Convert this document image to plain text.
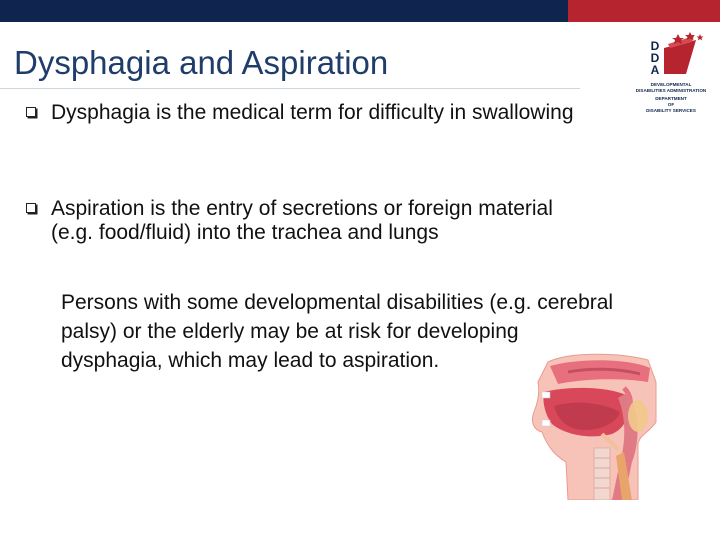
Dysphagia and Aspiration	D D A
DEVELOPMENTAL
DISABILITIES ADMINISTRATION
DEPARTMENT
OF
DISABILITY SERVICES
Dysphagia is the medical term for difficulty in swallowing
Aspiration is the entry of secretions or foreign material (e.g. food/fluid) into the trachea and lungs
Persons with some developmental disabilities (e.g. cerebral palsy) or the elderly may be at risk for developing dysphagia, which may lead to aspiration.
